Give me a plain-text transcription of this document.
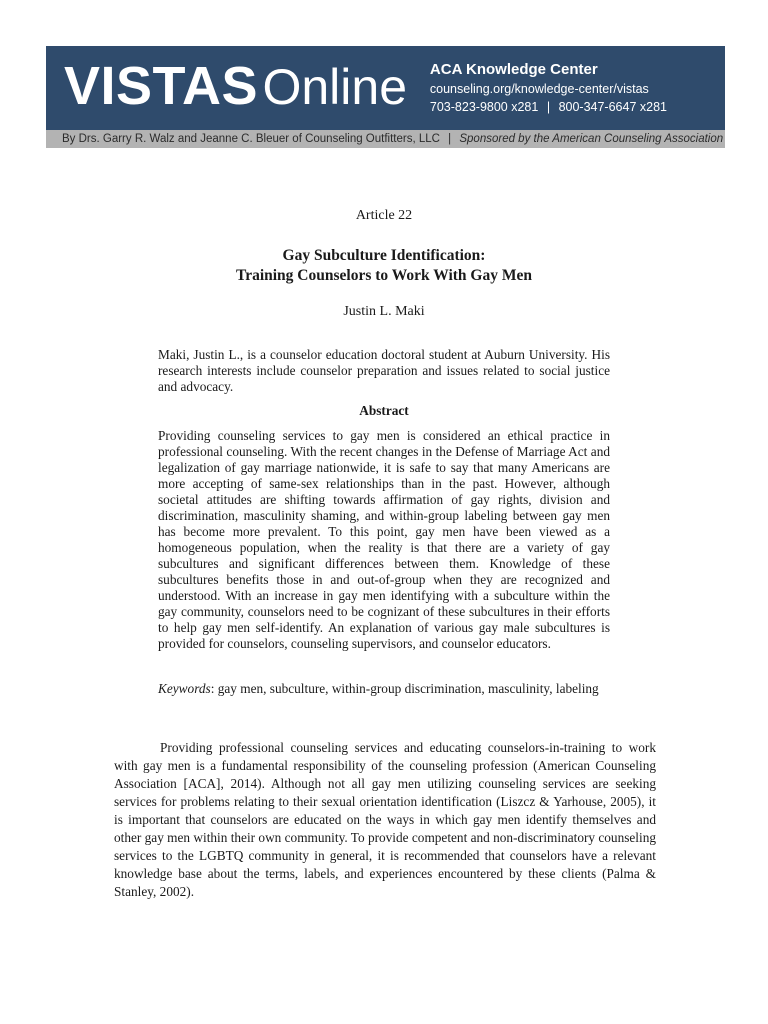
VISTAS Online ACA Knowledge Center
counseling.org/knowledge-center/vistas
703-823-9800 x281 | 800-347-6647 x281
By Drs. Garry R. Walz and Jeanne C. Bleuer of Counseling Outfitters, LLC | Sponsored by the American Counseling Association
Article 22
Gay Subculture Identification:
Training Counselors to Work With Gay Men
Justin L. Maki
Maki, Justin L., is a counselor education doctoral student at Auburn University. His research interests include counselor preparation and issues related to social justice and advocacy.
Abstract
Providing counseling services to gay men is considered an ethical practice in professional counseling. With the recent changes in the Defense of Marriage Act and legalization of gay marriage nationwide, it is safe to say that many Americans are more accepting of same-sex relationships than in the past. However, although societal attitudes are shifting towards affirmation of gay rights, division and discrimination, masculinity shaming, and within-group labeling between gay men has become more prevalent. To this point, gay men have been viewed as a homogeneous population, when the reality is that there are a variety of gay subcultures and significant differences between them. Knowledge of these subcultures benefits those in and out-of-group when they are recognized and understood. With an increase in gay men identifying with a subculture within the gay community, counselors need to be cognizant of these subcultures in their efforts to help gay men self-identify. An explanation of various gay male subcultures is provided for counselors, counseling supervisors, and counselor educators.
Keywords: gay men, subculture, within-group discrimination, masculinity, labeling
Providing professional counseling services and educating counselors-in-training to work with gay men is a fundamental responsibility of the counseling profession (American Counseling Association [ACA], 2014). Although not all gay men utilizing counseling services are seeking services for problems relating to their sexual orientation identification (Liszcz & Yarhouse, 2005), it is important that counselors are educated on the ways in which gay men identify themselves and other gay men within their own community. To provide competent and non-discriminatory counseling services to the LGBTQ community in general, it is recommended that counselors have a relevant knowledge base about the terms, labels, and experiences encountered by these clients (Palma & Stanley, 2002).
